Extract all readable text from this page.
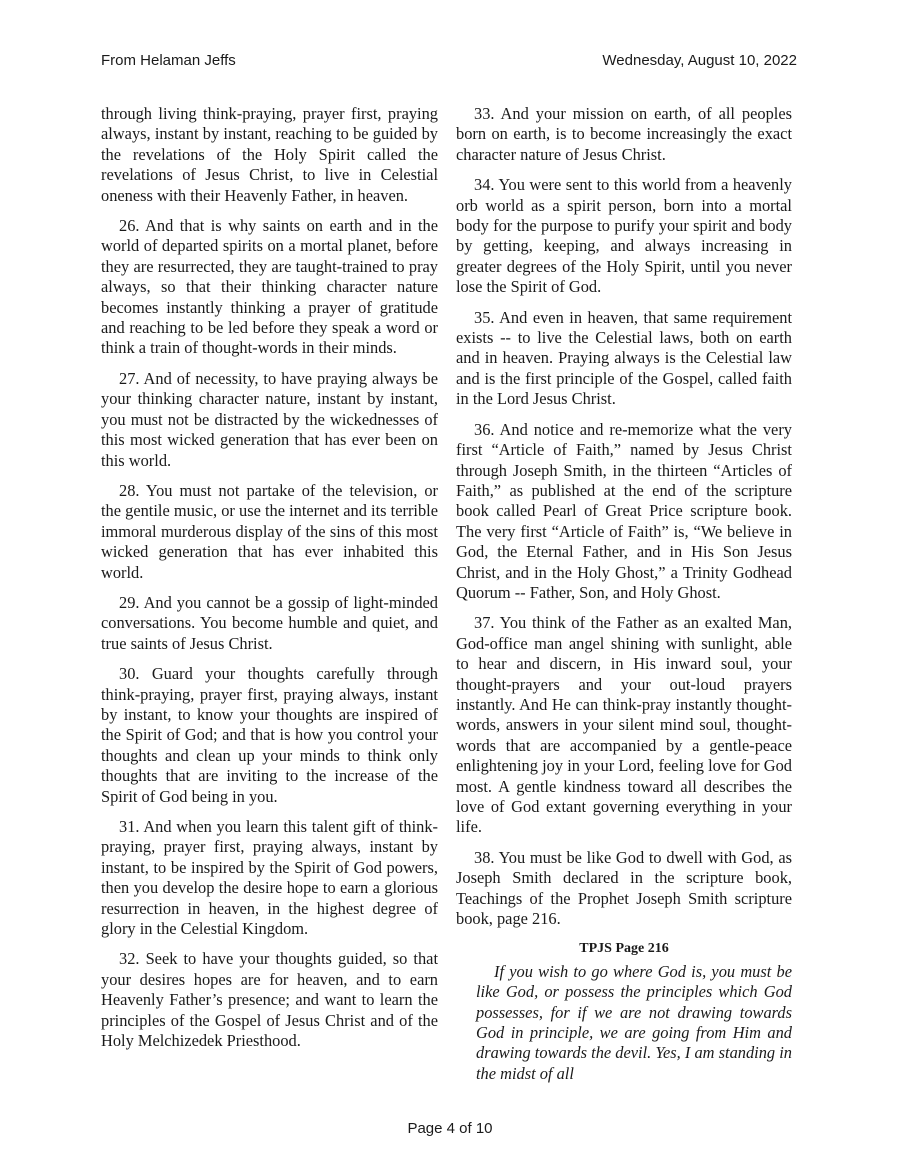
From Helaman Jeffs	Wednesday, August 10, 2022

through living think-praying, prayer first, praying always, instant by instant, reaching to be guided by the revelations of the Holy Spirit called the revelations of Jesus Christ, to live in Celestial oneness with their Heavenly Father, in heaven.

26. And that is why saints on earth and in the world of departed spirits on a mortal planet, before they are resurrected, they are taught-trained to pray always, so that their thinking character nature becomes instantly thinking a prayer of gratitude and reaching to be led before they speak a word or think a train of thought-words in their minds.

27. And of necessity, to have praying always be your thinking character nature, instant by instant, you must not be distracted by the wickednesses of this most wicked generation that has ever been on this world.

28. You must not partake of the television, or the gentile music, or use the internet and its terrible immoral murderous display of the sins of this most wicked generation that has ever inhabited this world.

29. And you cannot be a gossip of light-minded conversations. You become humble and quiet, and true saints of Jesus Christ.

30. Guard your thoughts carefully through think-praying, prayer first, praying always, instant by instant, to know your thoughts are inspired of the Spirit of God; and that is how you control your thoughts and clean up your minds to think only thoughts that are inviting to the increase of the Spirit of God being in you.

31. And when you learn this talent gift of think-praying, prayer first, praying always, instant by instant, to be inspired by the Spirit of God powers, then you develop the desire hope to earn a glorious resurrection in heaven, in the highest degree of glory in the Celestial Kingdom.

32. Seek to have your thoughts guided, so that your desires hopes are for heaven, and to earn Heavenly Father’s presence; and want to learn the principles of the Gospel of Jesus Christ and of the Holy Melchizedek Priesthood.

33. And your mission on earth, of all peoples born on earth, is to become increasingly the exact character nature of Jesus Christ.

34. You were sent to this world from a heavenly orb world as a spirit person, born into a mortal body for the purpose to purify your spirit and body by getting, keeping, and always increasing in greater degrees of the Holy Spirit, until you never lose the Spirit of God.

35. And even in heaven, that same requirement exists -- to live the Celestial laws, both on earth and in heaven. Praying always is the Celestial law and is the first principle of the Gospel, called faith in the Lord Jesus Christ.

36. And notice and re-memorize what the very first “Article of Faith,” named by Jesus Christ through Joseph Smith, in the thirteen “Articles of Faith,” as published at the end of the scripture book called Pearl of Great Price scripture book. The very first “Article of Faith” is, “We believe in God, the Eternal Father, and in His Son Jesus Christ, and in the Holy Ghost,” a Trinity Godhead Quorum -- Father, Son, and Holy Ghost.

37. You think of the Father as an exalted Man, God-office man angel shining with sunlight, able to hear and discern, in His inward soul, your thought-prayers and your out-loud prayers instantly. And He can think-pray instantly thought-words, answers in your silent mind soul, thought-words that are accompanied by a gentle-peace enlightening joy in your Lord, feeling love for God most. A gentle kindness toward all describes the love of God extant governing everything in your life.

38. You must be like God to dwell with God, as Joseph Smith declared in the scripture book, Teachings of the Prophet Joseph Smith scripture book, page 216.

TPJS Page 216

If you wish to go where God is, you must be like God, or possess the principles which God possesses, for if we are not drawing towards God in principle, we are going from Him and drawing towards the devil. Yes, I am standing in the midst of all

Page 4 of 10
